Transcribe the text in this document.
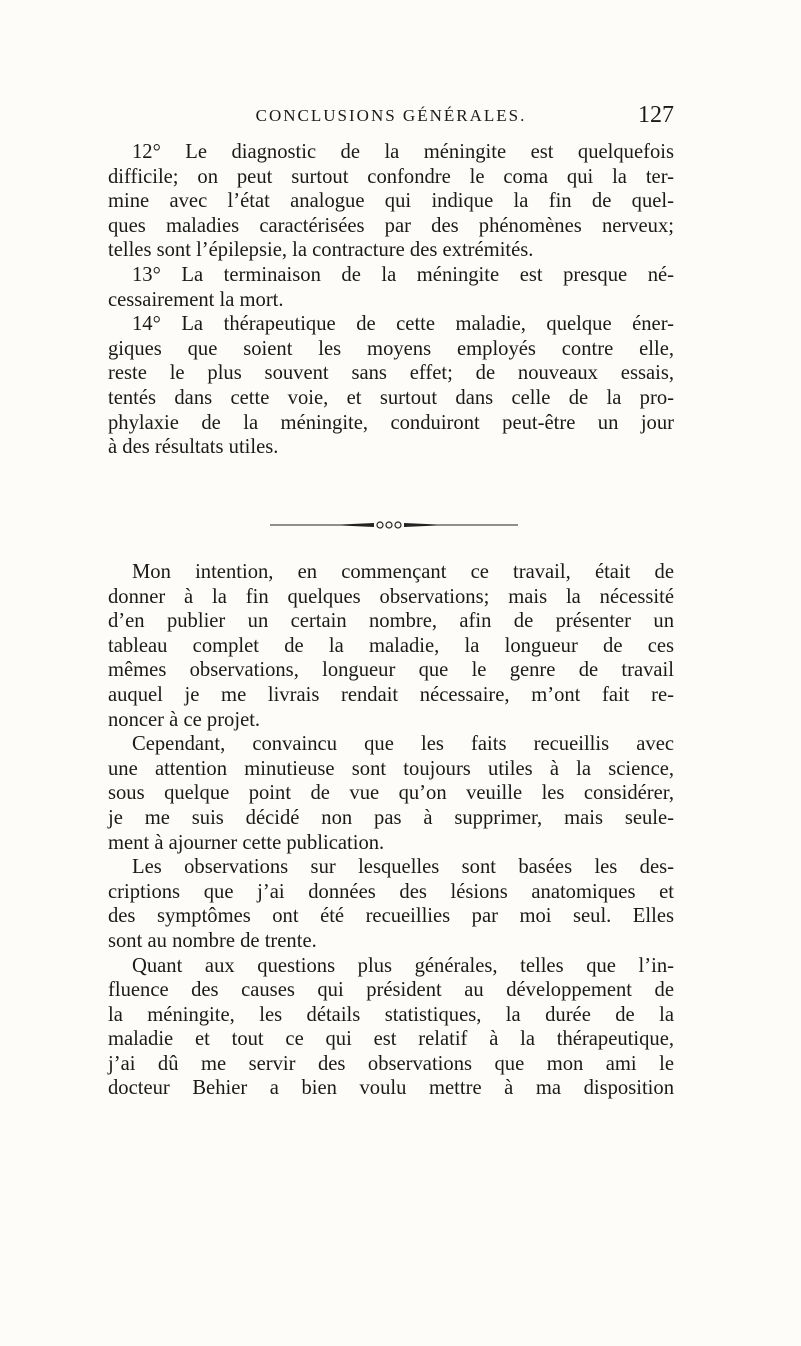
CONCLUSIONS GÉNÉRALES.	127
12° Le diagnostic de la méningite est quelquefois
difficile; on peut surtout confondre le coma qui la ter-
mine avec l’état analogue qui indique la fin de quel-
ques maladies caractérisées par des phénomènes nerveux;
telles sont l’épilepsie, la contracture des extrémités.
13° La terminaison de la méningite est presque né-
cessairement la mort.
14° La thérapeutique de cette maladie, quelque éner-
giques que soient les moyens employés contre elle,
reste le plus souvent sans effet; de nouveaux essais,
tentés dans cette voie, et surtout dans celle de la pro-
phylaxie de la méningite, conduiront peut-être un jour
à des résultats utiles.
Mon intention, en commençant ce travail, était de
donner à la fin quelques observations; mais la nécessité
d’en publier un certain nombre, afin de présenter un
tableau complet de la maladie, la longueur de ces
mêmes observations, longueur que le genre de travail
auquel je me livrais rendait nécessaire, m’ont fait re-
noncer à ce projet.
Cependant, convaincu que les faits recueillis avec
une attention minutieuse sont toujours utiles à la science,
sous quelque point de vue qu’on veuille les considérer,
je me suis décidé non pas à supprimer, mais seule-
ment à ajourner cette publication.
Les observations sur lesquelles sont basées les des-
criptions que j’ai données des lésions anatomiques et
des symptômes ont été recueillies par moi seul. Elles
sont au nombre de trente.
Quant aux questions plus générales, telles que l’in-
fluence des causes qui président au développement de
la méningite, les détails statistiques, la durée de la
maladie et tout ce qui est relatif à la thérapeutique,
j’ai dû me servir des observations que mon ami le
docteur Behier a bien voulu mettre à ma disposition
